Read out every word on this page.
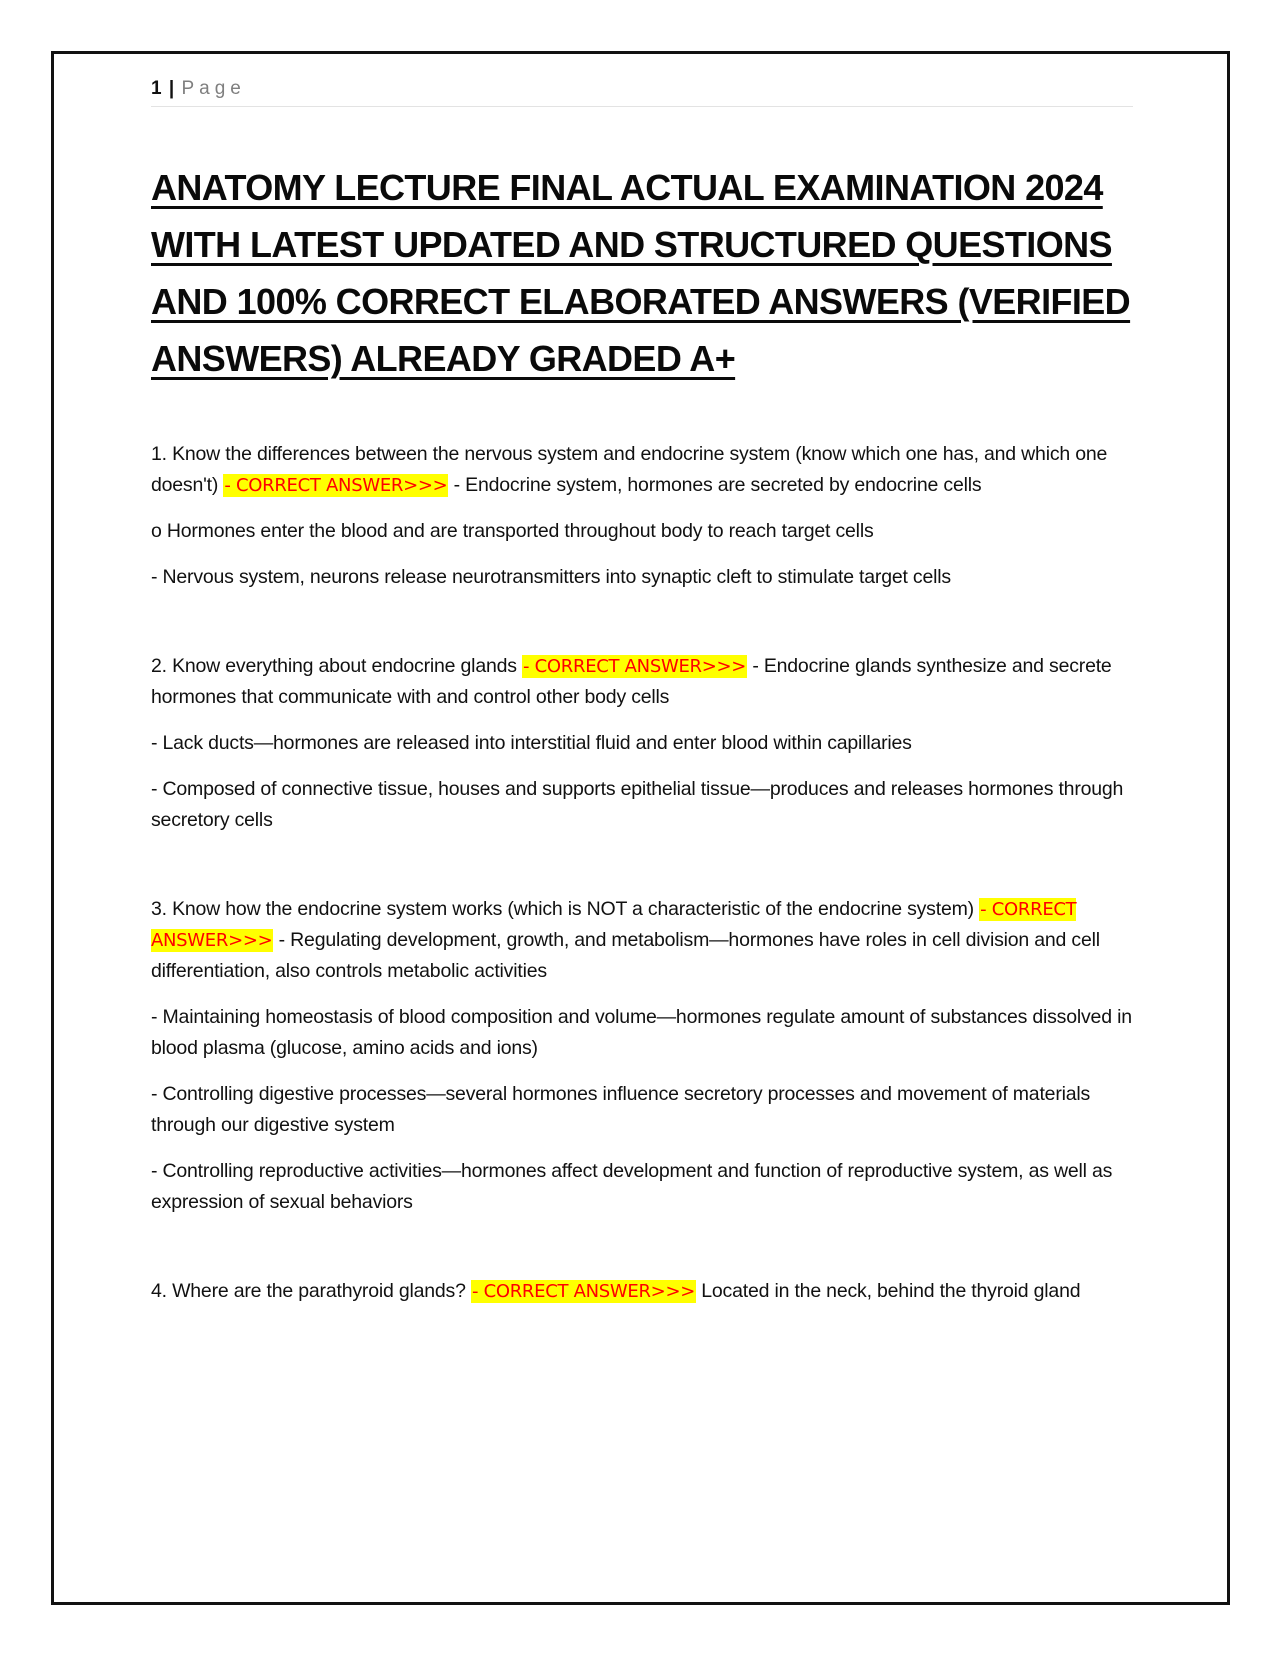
1 | Page
ANATOMY LECTURE FINAL ACTUAL EXAMINATION 2024 WITH LATEST UPDATED AND STRUCTURED QUESTIONS AND 100% CORRECT ELABORATED ANSWERS (VERIFIED ANSWERS) ALREADY GRADED A+

1. Know the differences between the nervous system and endocrine system (know which one has, and which one doesn't) - CORRECT ANSWER>>> - Endocrine system, hormones are secreted by endocrine cells

o Hormones enter the blood and are transported throughout body to reach target cells

- Nervous system, neurons release neurotransmitters into synaptic cleft to stimulate target cells

2. Know everything about endocrine glands - CORRECT ANSWER>>> - Endocrine glands synthesize and secrete hormones that communicate with and control other body cells

- Lack ducts—hormones are released into interstitial fluid and enter blood within capillaries

- Composed of connective tissue, houses and supports epithelial tissue—produces and releases hormones through secretory cells

3. Know how the endocrine system works (which is NOT a characteristic of the endocrine system) - CORRECT ANSWER>>> - Regulating development, growth, and metabolism—hormones have roles in cell division and cell differentiation, also controls metabolic activities

- Maintaining homeostasis of blood composition and volume—hormones regulate amount of substances dissolved in blood plasma (glucose, amino acids and ions)

- Controlling digestive processes—several hormones influence secretory processes and movement of materials through our digestive system

- Controlling reproductive activities—hormones affect development and function of reproductive system, as well as expression of sexual behaviors

4. Where are the parathyroid glands? - CORRECT ANSWER>>> Located in the neck, behind the thyroid gland
